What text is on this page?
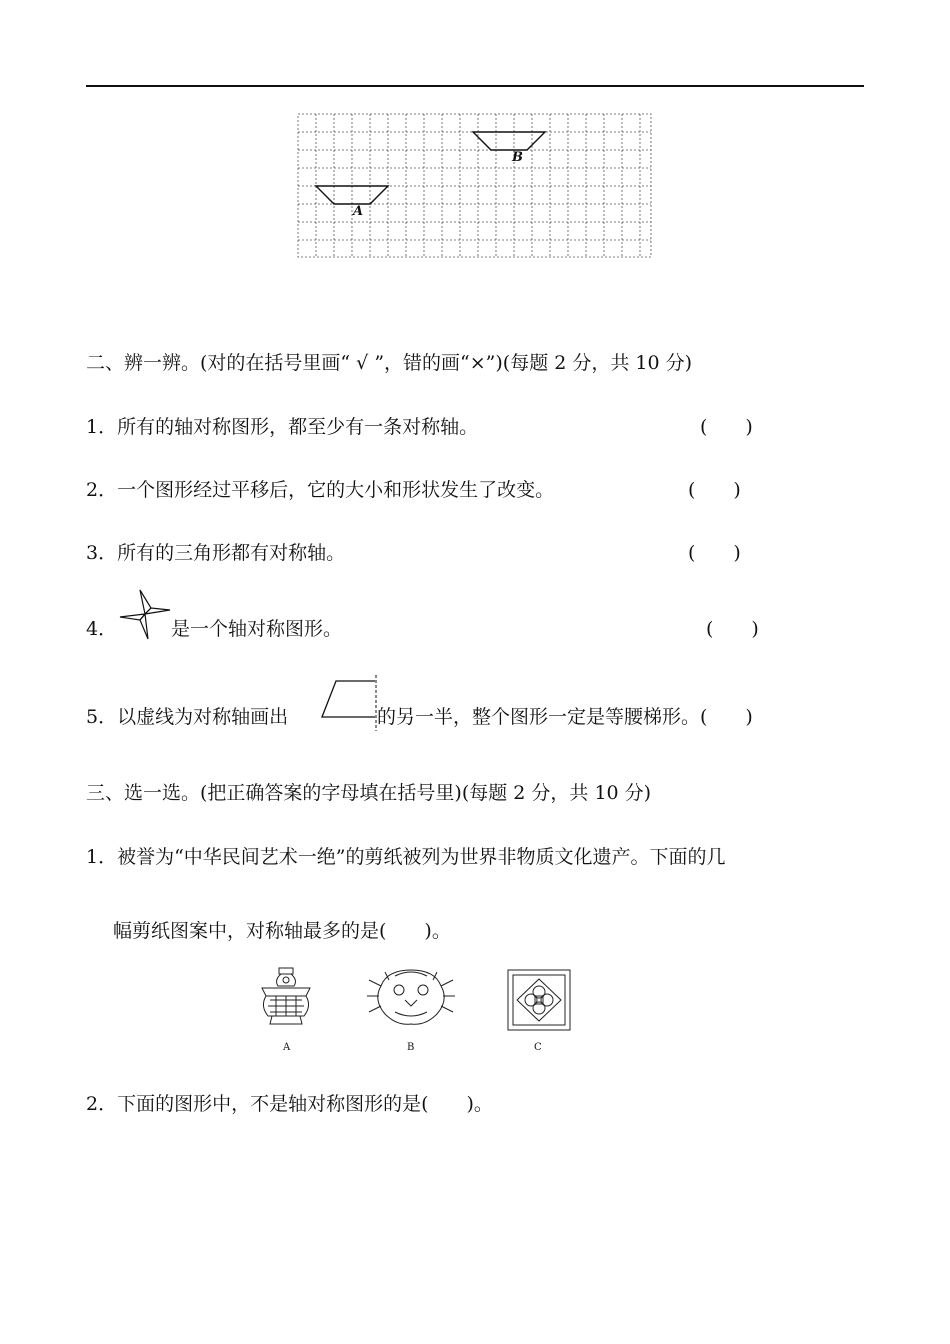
B
A
二、辨一辨。(对的在括号里画“ √ ”，错的画“×”)(每题 2 分，共 10 分)
1．所有的轴对称图形，都至少有一条对称轴。	(　　)
2．一个图形经过平移后，它的大小和形状发生了改变。	(　　)
3．所有的三角形都有对称轴。	(　　)
4．	是一个轴对称图形。	(　　)
5．以虚线为对称轴画出	的另一半，整个图形一定是等腰梯形。(　　)
三、选一选。(把正确答案的字母填在括号里)(每题 2 分，共 10 分)
1．被誉为“中华民间艺术一绝”的剪纸被列为世界非物质文化遗产。下面的几
幅剪纸图案中，对称轴最多的是(　　)。
A	B	C
2．下面的图形中，不是轴对称图形的是(　　)。
